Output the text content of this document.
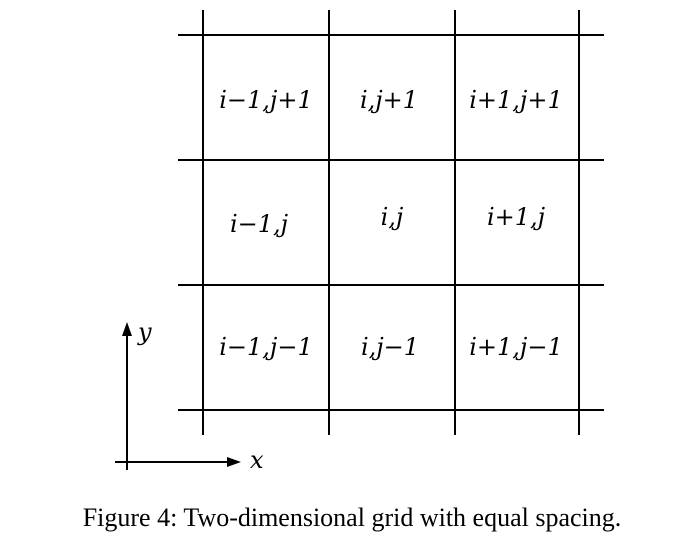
i−1,j+1 i,j+1 i+1,j+1
i−1,j	i,j	i+1,j
i−1,j−1 i,j−1 i+1,j−1
y
x
Figure 4: Two-dimensional grid with equal spacing.
